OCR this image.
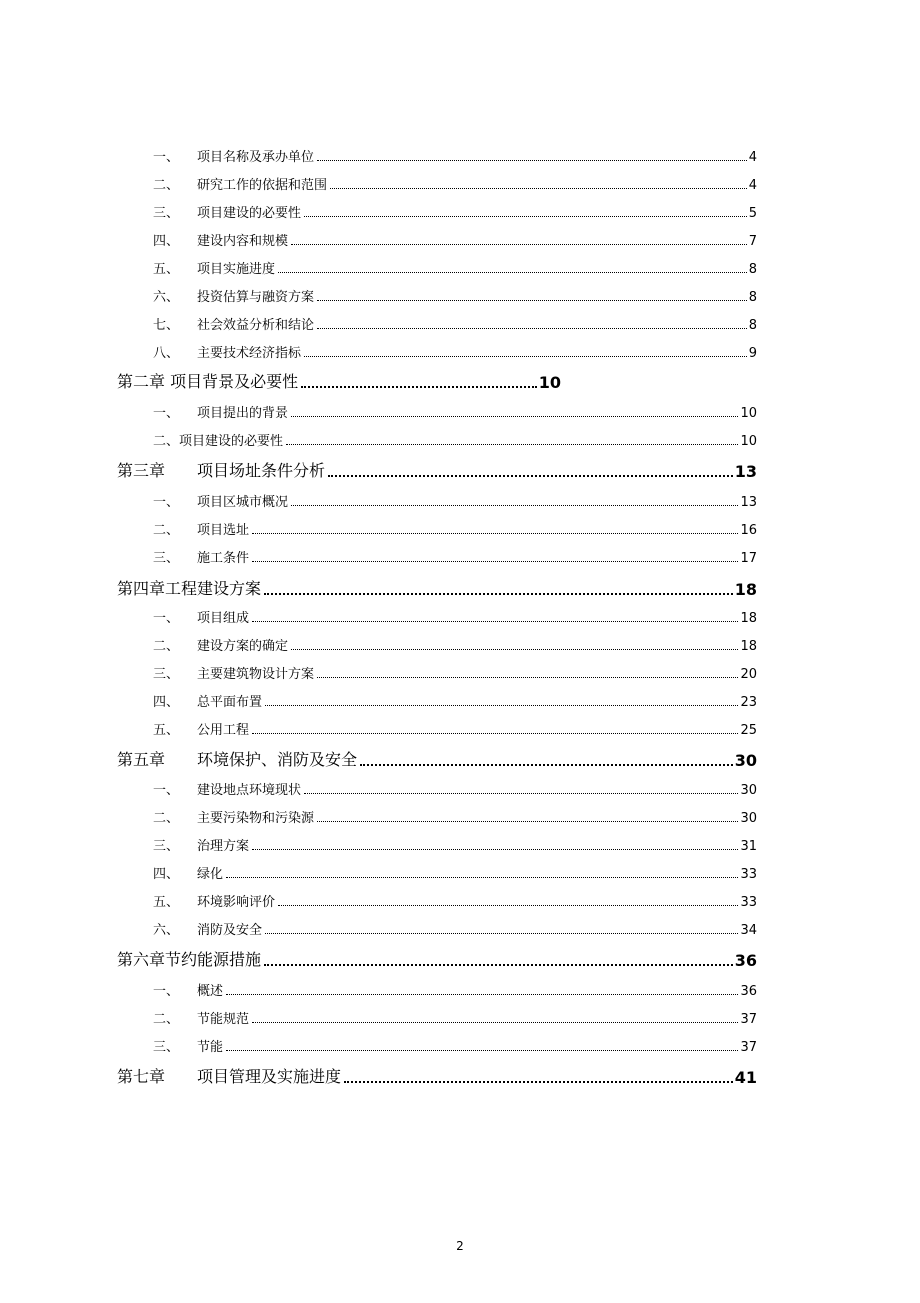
一、	项目名称及承办单位	4
二、	研究工作的依据和范围	4
三、	项目建设的必要性	5
四、	建设内容和规模	7
五、	项目实施进度	8
六、	投资估算与融资方案	8
七、	社会效益分析和结论	8
八、	主要技术经济指标	9
第二章 项目背景及必要性	10
一、	项目提出的背景	10
二、项目建设的必要性	10
第三章	项目场址条件分析	13
一、	项目区城市概况	13
二、	项目选址	16
三、	施工条件	17
第四章工程建设方案	18
一、	项目组成	18
二、	建设方案的确定	18
三、	主要建筑物设计方案	20
四、	总平面布置	23
五、	公用工程	25
第五章	环境保护、消防及安全	30
一、	建设地点环境现状	30
二、	主要污染物和污染源	30
三、	治理方案	31
四、	绿化	33
五、	环境影响评价	33
六、	消防及安全	34
第六章节约能源措施	36
一、	概述	36
二、	节能规范	37
三、	节能	37
第七章	项目管理及实施进度	41
2
